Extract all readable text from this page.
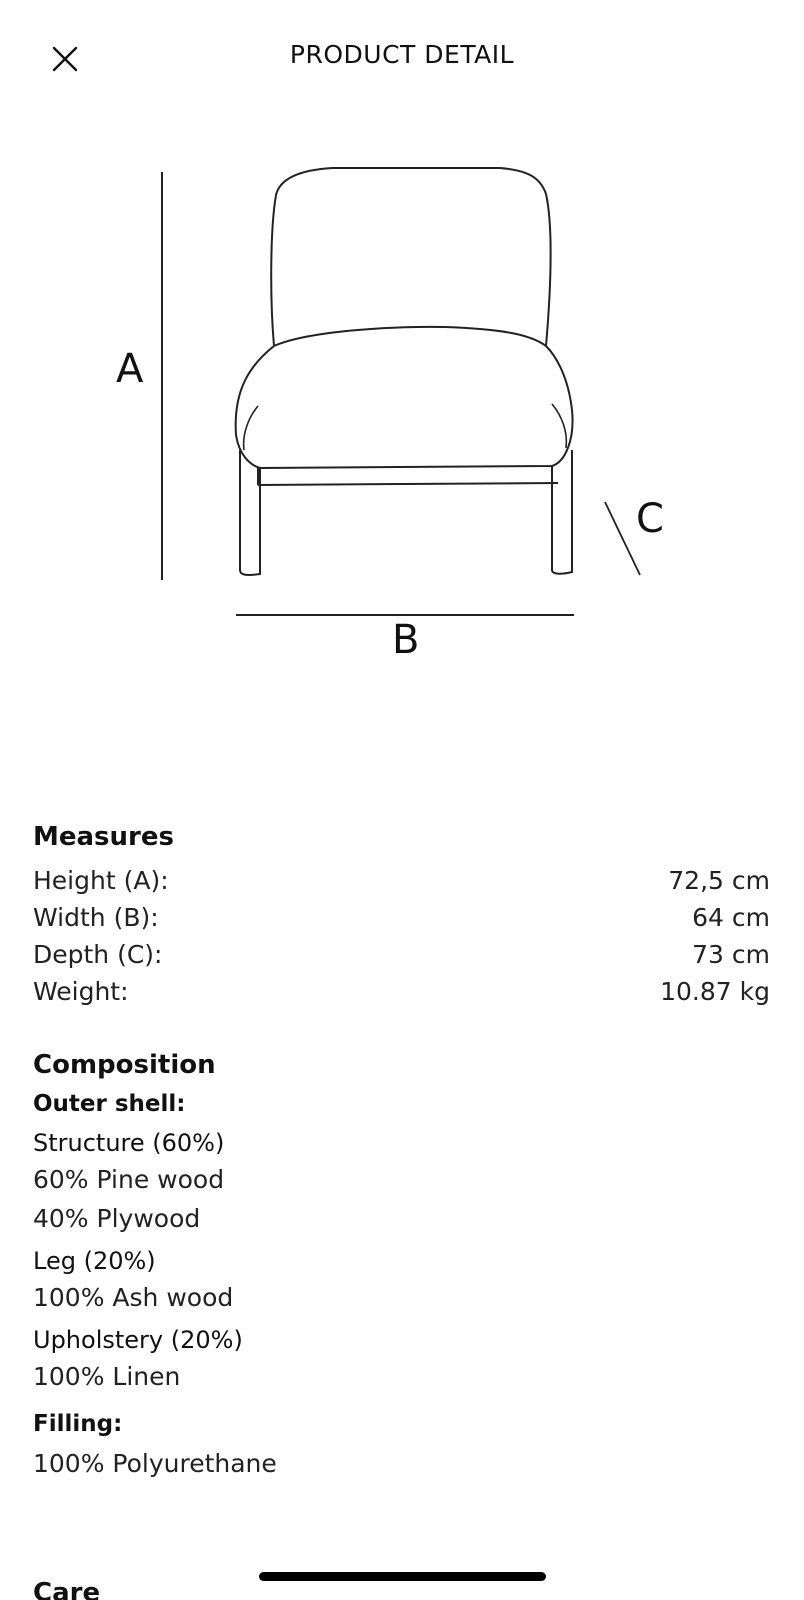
PRODUCT DETAIL
A
B
C
Measures
Height (A):	72,5 cm
Width (B):	64 cm
Depth (C):	73 cm
Weight:	10.87 kg
Composition
Outer shell:
Structure (60%)
60% Pine wood
40% Plywood
Leg (20%)
100% Ash wood
Upholstery (20%)
100% Linen
Filling:
100% Polyurethane
Care
